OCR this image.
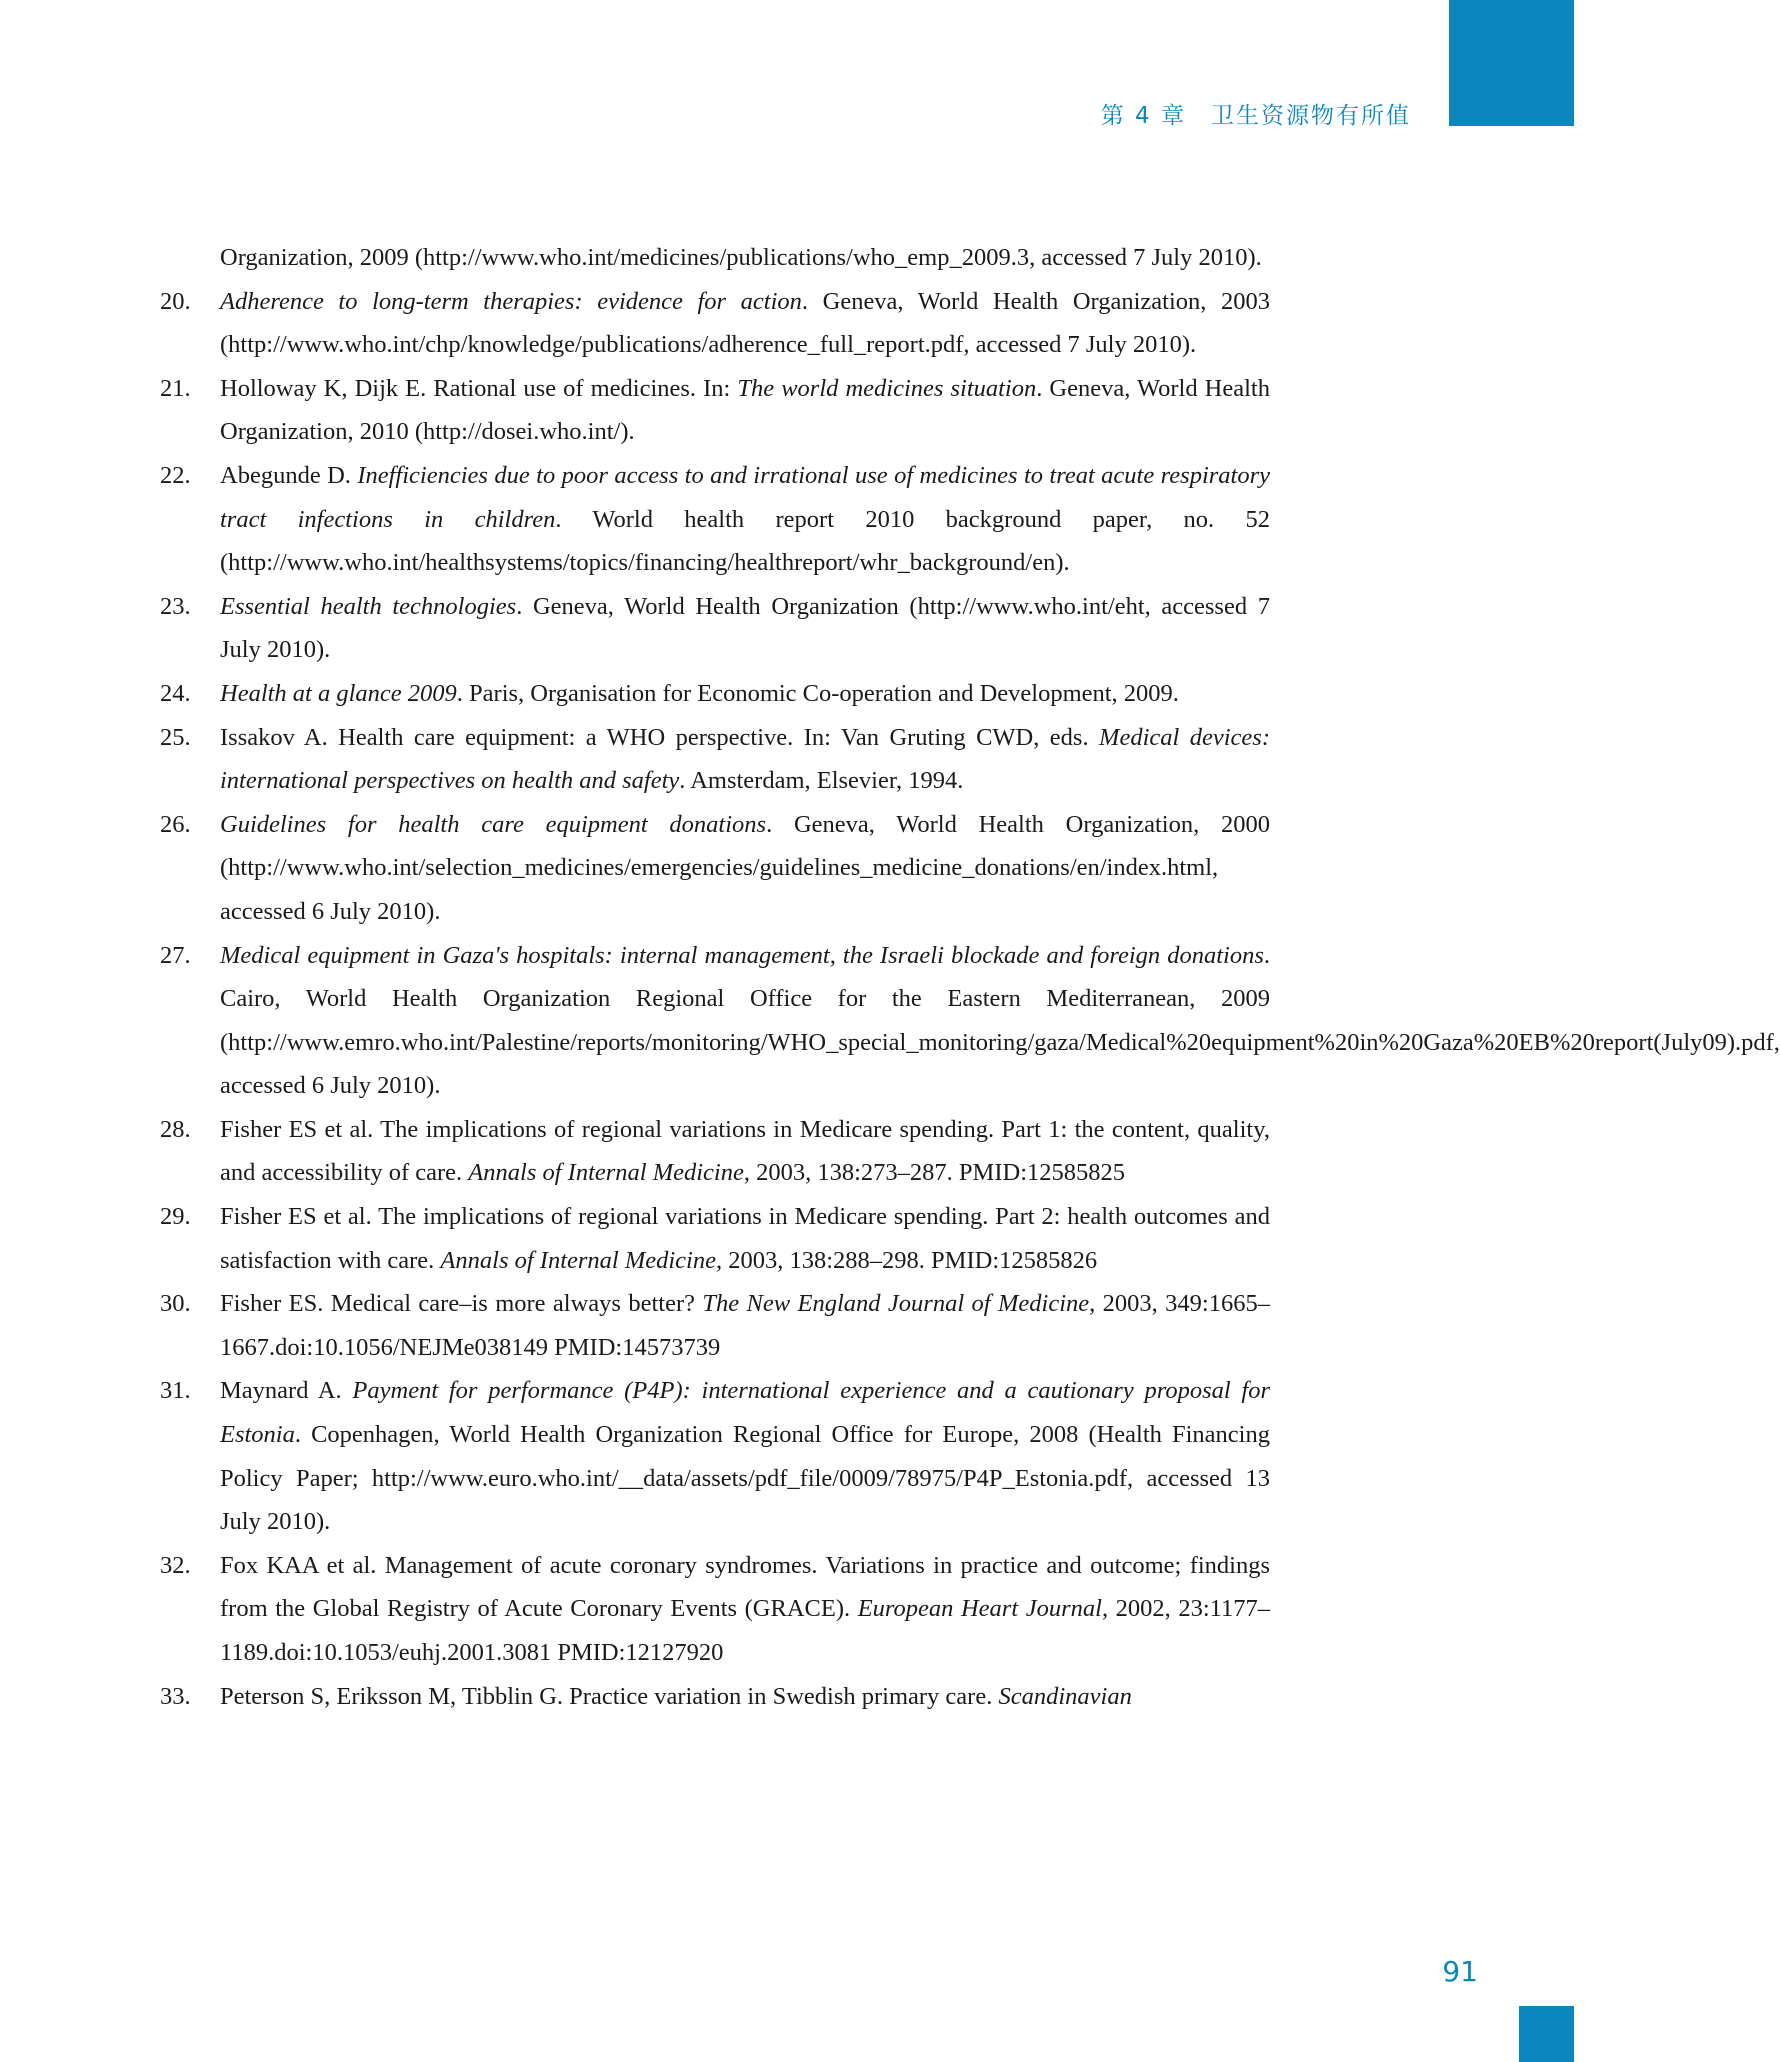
第 4 章　卫生资源物有所值
Organization, 2009 (http://www.who.int/medicines/publications/who_emp_2009.3, accessed 7 July 2010).
20. Adherence to long-term therapies: evidence for action. Geneva, World Health Organization, 2003 (http://www.who.int/chp/knowledge/publications/adherence_full_report.pdf, accessed 7 July 2010).
21. Holloway K, Dijk E. Rational use of medicines. In: The world medicines situation. Geneva, World Health Organization, 2010 (http://dosei.who.int/).
22. Abegunde D. Inefficiencies due to poor access to and irrational use of medicines to treat acute respiratory tract infections in children. World health report 2010 background paper, no. 52 (http://www.who.int/healthsystems/topics/financing/healthreport/whr_background/en).
23. Essential health technologies. Geneva, World Health Organization (http://www.who.int/eht, accessed 7 July 2010).
24. Health at a glance 2009. Paris, Organisation for Economic Co-operation and Development, 2009.
25. Issakov A. Health care equipment: a WHO perspective. In: Van Gruting CWD, eds. Medical devices: international perspectives on health and safety. Amsterdam, Elsevier, 1994.
26. Guidelines for health care equipment donations. Geneva, World Health Organization, 2000 (http://www.who.int/selection_medicines/emergencies/guidelines_medicine_donations/en/index.html, accessed 6 July 2010).
27. Medical equipment in Gaza's hospitals: internal management, the Israeli blockade and foreign donations. Cairo, World Health Organization Regional Office for the Eastern Mediterranean, 2009 (http://www.emro.who.int/Palestine/reports/monitoring/WHO_special_monitoring/gaza/Medical%20equipment%20in%20Gaza%20EB%20report(July09).pdf, accessed 6 July 2010).
28. Fisher ES et al. The implications of regional variations in Medicare spending. Part 1: the content, quality, and accessibility of care. Annals of Internal Medicine, 2003, 138:273–287. PMID:12585825
29. Fisher ES et al. The implications of regional variations in Medicare spending. Part 2: health outcomes and satisfaction with care. Annals of Internal Medicine, 2003, 138:288–298. PMID:12585826
30. Fisher ES. Medical care–is more always better? The New England Journal of Medicine, 2003, 349:1665–1667.doi:10.1056/NEJMe038149 PMID:14573739
31. Maynard A. Payment for performance (P4P): international experience and a cautionary proposal for Estonia. Copenhagen, World Health Organization Regional Office for Europe, 2008 (Health Financing Policy Paper; http://www.euro.who.int/__data/assets/pdf_file/0009/78975/P4P_Estonia.pdf, accessed 13 July 2010).
32. Fox KAA et al. Management of acute coronary syndromes. Variations in practice and outcome; findings from the Global Registry of Acute Coronary Events (GRACE). European Heart Journal, 2002, 23:1177–1189.doi:10.1053/euhj.2001.3081 PMID:12127920
33. Peterson S, Eriksson M, Tibblin G. Practice variation in Swedish primary care. Scandinavian
91
